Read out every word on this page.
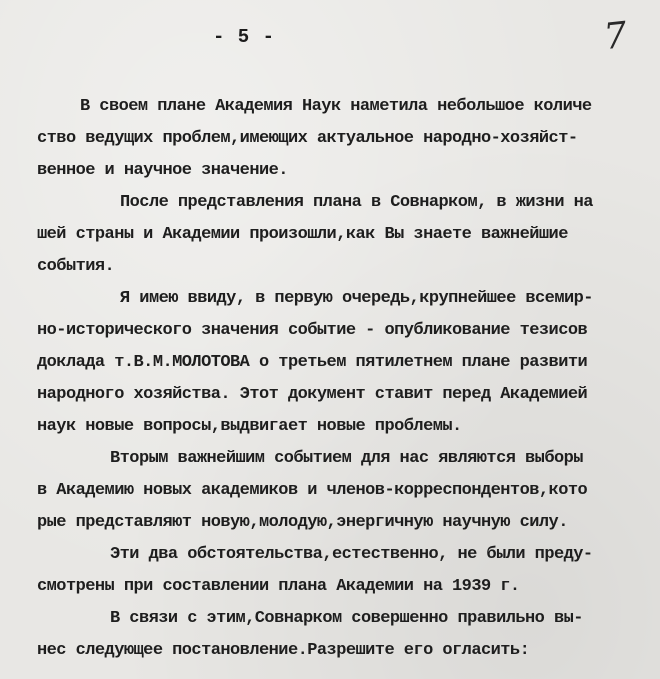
- 5 -	7
В своем плане Академия Наук наметила небольшое количе
ство ведущих проблем,имеющих актуальное народно-хозяйст-
венное и научное значение.
После представления плана в Совнарком, в жизни на
шей страны и Академии произошли,как Вы знаете важнейшие
события.
Я имею ввиду, в первую очередь,крупнейшее всемир-
но-исторического значения событие - опубликование тезисов
доклада т.В.М.МОЛОТОВА о третьем пятилетнем плане развити
народного хозяйства. Этот документ ставит перед Академией
наук новые вопросы,выдвигает новые проблемы.
Вторым важнейшим событием для нас являются выборы
в Академию новых академиков и членов-корреспондентов,кото
рые представляют новую,молодую,энергичную научную силу.
Эти два обстоятельства,естественно, не были преду-
смотрены при составлении плана Академии на 1939 г.
В связи с этим,Совнарком совершенно правильно вы-
нес следующее постановление.Разрешите его огласить:
